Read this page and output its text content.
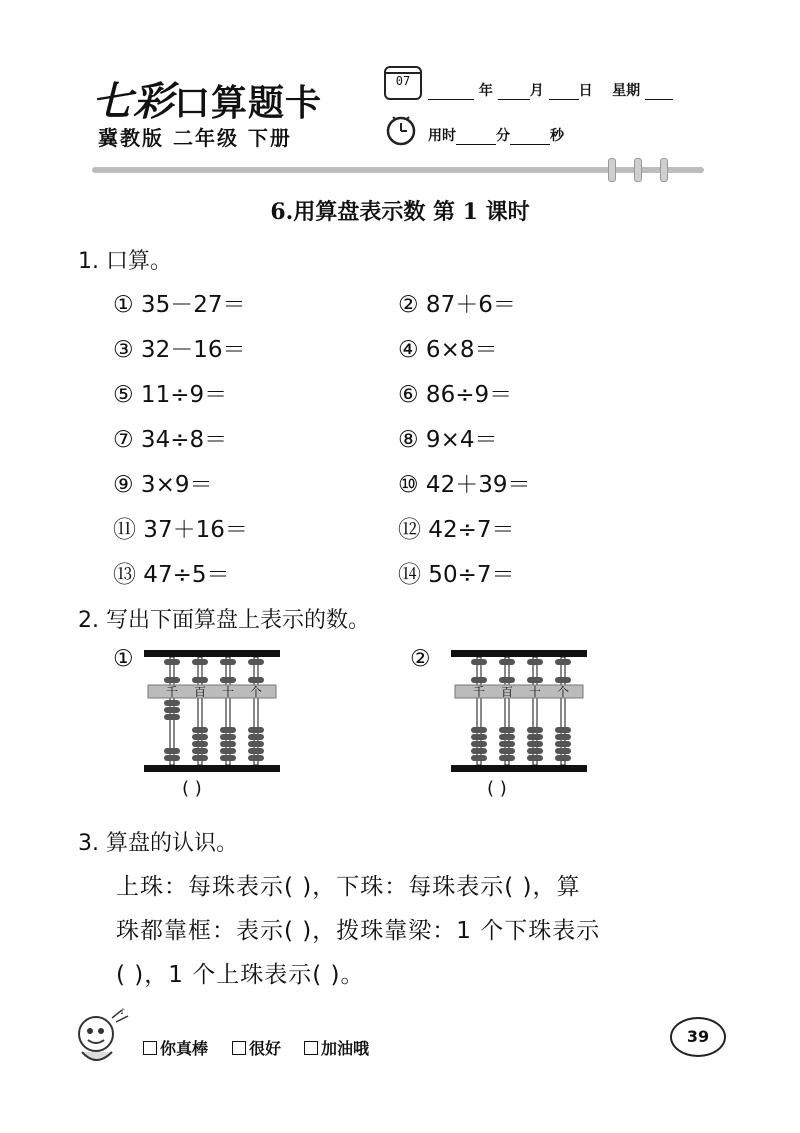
七彩口算题卡
冀教版 二年级 下册
07
年	月 日 星期
用时	分	秒
6.用算盘表示数 第 1 课时
1. 口算。
① 35－27＝	② 87＋6＝
③ 32－16＝	④ 6×8＝
⑤ 11÷9＝	⑥ 86÷9＝
⑦ 34÷8＝	⑧ 9×4＝
⑨ 3×9＝	⑩ 42＋39＝
⑪ 37＋16＝	⑫ 42÷7＝
⑬ 47÷5＝	⑭ 50÷7＝
2. 写出下面算盘上表示的数。
①
千 百 十 个
( )
②
千 百 十 个
( )
3. 算盘的认识。
上珠：每珠表示( )，下珠：每珠表示( )，算
珠都靠框：表示( )，拨珠靠梁：1 个下珠表示
( )，1 个上珠表示( )。
♪
你真棒	很好	加油哦
39
